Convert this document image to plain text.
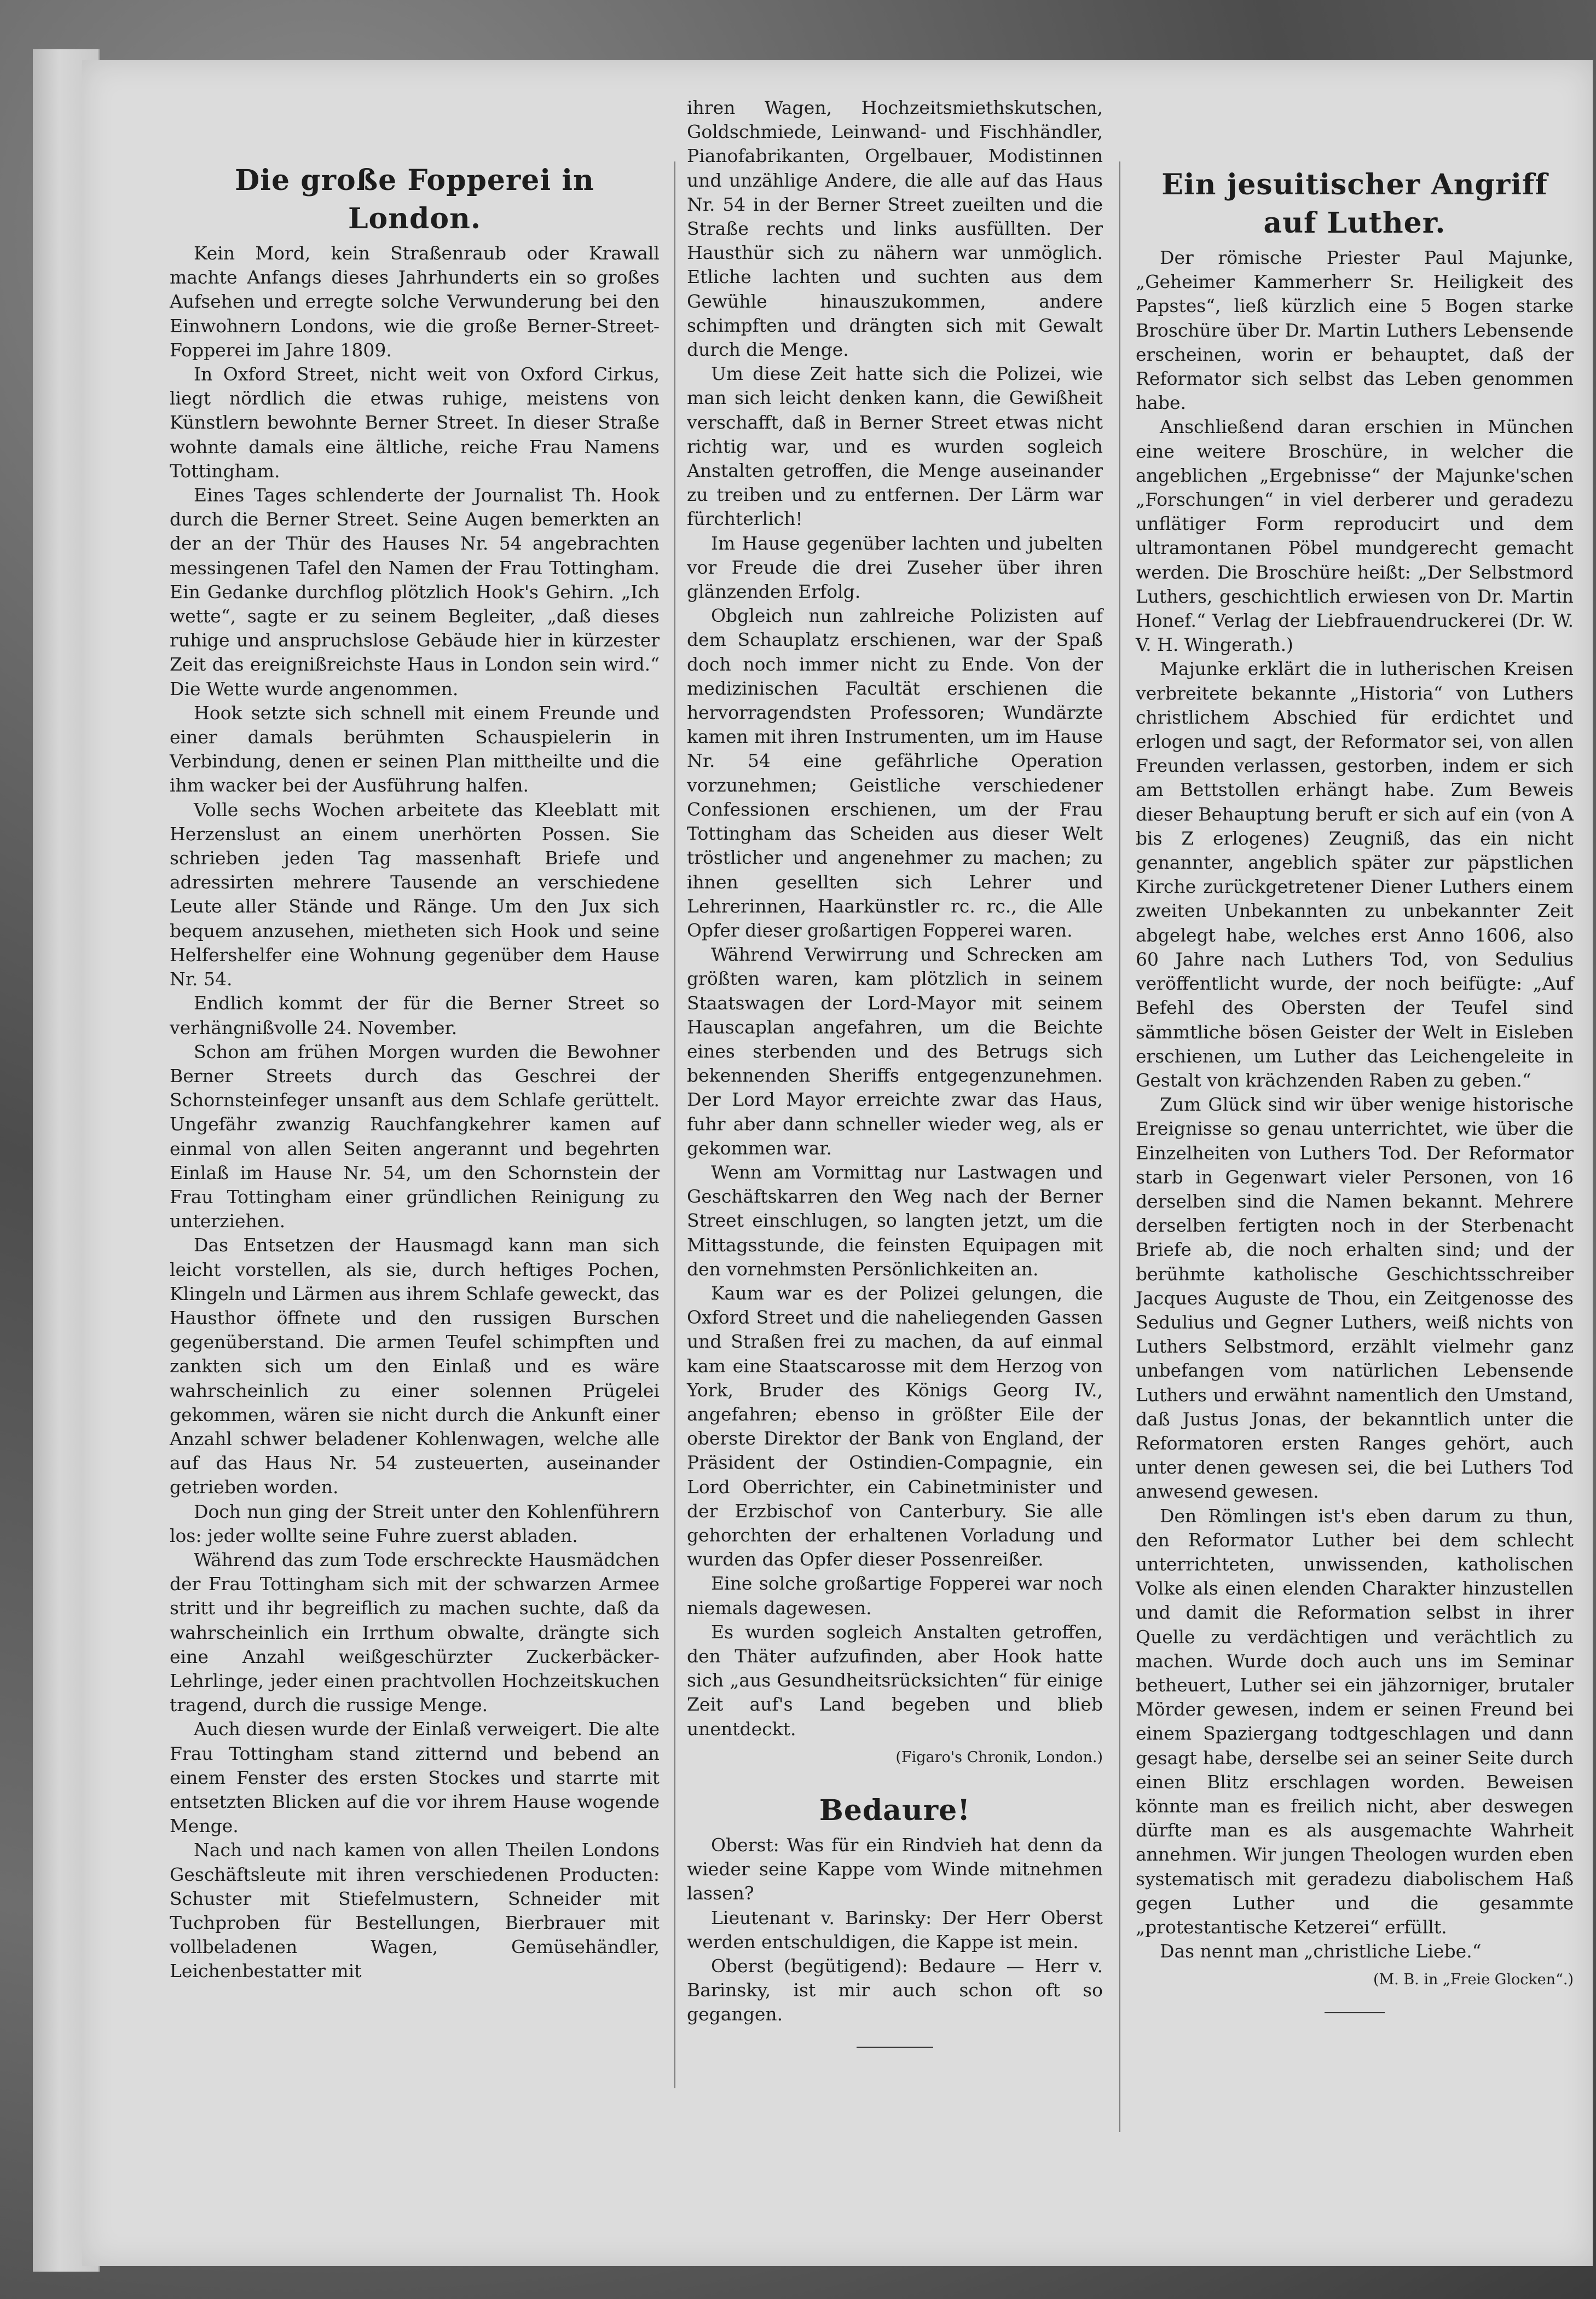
Die große Fopperei in London.

Kein Mord, kein Straßenraub oder Krawall machte Anfangs dieses Jahrhunderts ein so großes Aufsehen und erregte solche Verwunderung bei den Einwohnern Londons, wie die große Berner-Street-Fopperei im Jahre 1809.

In Oxford Street, nicht weit von Oxford Cirkus, liegt nördlich die etwas ruhige, meistens von Künstlern bewohnte Berner Street. In dieser Straße wohnte damals eine ältliche, reiche Frau Namens Tottingham.

Eines Tages schlenderte der Journalist Th. Hook durch die Berner Street. Seine Augen bemerkten an der an der Thür des Hauses Nr. 54 angebrachten messingenen Tafel den Namen der Frau Tottingham. Ein Gedanke durchflog plötzlich Hook's Gehirn. „Ich wette“, sagte er zu seinem Begleiter, „daß dieses ruhige und anspruchslose Gebäude hier in kürzester Zeit das ereignißreichste Haus in London sein wird.“ Die Wette wurde angenommen.

Hook setzte sich schnell mit einem Freunde und einer damals berühmten Schauspielerin in Verbindung, denen er seinen Plan mittheilte und die ihm wacker bei der Ausführung halfen.

Volle sechs Wochen arbeitete das Kleeblatt mit Herzenslust an einem unerhörten Possen. Sie schrieben jeden Tag massenhaft Briefe und adressirten mehrere Tausende an verschiedene Leute aller Stände und Ränge. Um den Jux sich bequem anzusehen, mietheten sich Hook und seine Helfershelfer eine Wohnung gegenüber dem Hause Nr. 54.

Endlich kommt der für die Berner Street so verhängnißvolle 24. November.

Schon am frühen Morgen wurden die Bewohner Berner Streets durch das Geschrei der Schornsteinfeger unsanft aus dem Schlafe gerüttelt. Ungefähr zwanzig Rauchfangkehrer kamen auf einmal von allen Seiten angerannt und begehrten Einlaß im Hause Nr. 54, um den Schornstein der Frau Tottingham einer gründlichen Reinigung zu unterziehen.

Das Entsetzen der Hausmagd kann man sich leicht vorstellen, als sie, durch heftiges Pochen, Klingeln und Lärmen aus ihrem Schlafe geweckt, das Hausthor öffnete und den russigen Burschen gegenüberstand. Die armen Teufel schimpften und zankten sich um den Einlaß und es wäre wahrscheinlich zu einer solennen Prügelei gekommen, wären sie nicht durch die Ankunft einer Anzahl schwer beladener Kohlenwagen, welche alle auf das Haus Nr. 54 zusteuerten, auseinander getrieben worden.

Doch nun ging der Streit unter den Kohlenführern los: jeder wollte seine Fuhre zuerst abladen.

Während das zum Tode erschreckte Hausmädchen der Frau Tottingham sich mit der schwarzen Armee stritt und ihr begreiflich zu machen suchte, daß da wahrscheinlich ein Irrthum obwalte, drängte sich eine Anzahl weißgeschürzter Zuckerbäcker-Lehrlinge, jeder einen prachtvollen Hochzeitskuchen tragend, durch die russige Menge.

Auch diesen wurde der Einlaß verweigert. Die alte Frau Tottingham stand zitternd und bebend an einem Fenster des ersten Stockes und starrte mit entsetzten Blicken auf die vor ihrem Hause wogende Menge.

Nach und nach kamen von allen Theilen Londons Geschäftsleute mit ihren verschiedenen Producten: Schuster mit Stiefelmustern, Schneider mit Tuchproben für Bestellungen, Bierbrauer mit vollbeladenen Wagen, Gemüsehändler, Leichenbestatter mit

ihren Wagen, Hochzeitsmiethskutschen, Goldschmiede, Leinwand- und Fischhändler, Pianofabrikanten, Orgelbauer, Modistinnen und unzählige Andere, die alle auf das Haus Nr. 54 in der Berner Street zueilten und die Straße rechts und links ausfüllten. Der Hausthür sich zu nähern war unmöglich. Etliche lachten und suchten aus dem Gewühle hinauszukommen, andere schimpften und drängten sich mit Gewalt durch die Menge.

Um diese Zeit hatte sich die Polizei, wie man sich leicht denken kann, die Gewißheit verschafft, daß in Berner Street etwas nicht richtig war, und es wurden sogleich Anstalten getroffen, die Menge auseinander zu treiben und zu entfernen. Der Lärm war fürchterlich!

Im Hause gegenüber lachten und jubelten vor Freude die drei Zuseher über ihren glänzenden Erfolg.

Obgleich nun zahlreiche Polizisten auf dem Schauplatz erschienen, war der Spaß doch noch immer nicht zu Ende. Von der medizinischen Facultät erschienen die hervorragendsten Professoren; Wundärzte kamen mit ihren Instrumenten, um im Hause Nr. 54 eine gefährliche Operation vorzunehmen; Geistliche verschiedener Confessionen erschienen, um der Frau Tottingham das Scheiden aus dieser Welt tröstlicher und angenehmer zu machen; zu ihnen gesellten sich Lehrer und Lehrerinnen, Haarkünstler rc. rc., die Alle Opfer dieser großartigen Fopperei waren.

Während Verwirrung und Schrecken am größten waren, kam plötzlich in seinem Staatswagen der Lord-Mayor mit seinem Hauscaplan angefahren, um die Beichte eines sterbenden und des Betrugs sich bekennenden Sheriffs entgegenzunehmen. Der Lord Mayor erreichte zwar das Haus, fuhr aber dann schneller wieder weg, als er gekommen war.

Wenn am Vormittag nur Lastwagen und Geschäftskarren den Weg nach der Berner Street einschlugen, so langten jetzt, um die Mittagsstunde, die feinsten Equipagen mit den vornehmsten Persönlichkeiten an.

Kaum war es der Polizei gelungen, die Oxford Street und die naheliegenden Gassen und Straßen frei zu machen, da auf einmal kam eine Staatscarosse mit dem Herzog von York, Bruder des Königs Georg IV., angefahren; ebenso in größter Eile der oberste Direktor der Bank von England, der Präsident der Ostindien-Compagnie, ein Lord Oberrichter, ein Cabinetminister und der Erzbischof von Canterbury. Sie alle gehorchten der erhaltenen Vorladung und wurden das Opfer dieser Possenreißer.

Eine solche großartige Fopperei war noch niemals dagewesen.

Es wurden sogleich Anstalten getroffen, den Thäter aufzufinden, aber Hook hatte sich „aus Gesundheitsrücksichten“ für einige Zeit auf's Land begeben und blieb unentdeckt.

(Figaro's Chronik, London.)
Bedaure!

Oberst: Was für ein Rindvieh hat denn da wieder seine Kappe vom Winde mitnehmen lassen?

Lieutenant v. Barinsky: Der Herr Oberst werden entschuldigen, die Kappe ist mein.

Oberst (begütigend): Bedaure — Herr v. Barinsky, ist mir auch schon oft so gegangen.

Ein jesuitischer Angriff auf Luther.

Der römische Priester Paul Majunke, „Geheimer Kammerherr Sr. Heiligkeit des Papstes“, ließ kürzlich eine 5 Bogen starke Broschüre über Dr. Martin Luthers Lebensende erscheinen, worin er behauptet, daß der Reformator sich selbst das Leben genommen habe.

Anschließend daran erschien in München eine weitere Broschüre, in welcher die angeblichen „Ergebnisse“ der Majunke'schen „Forschungen“ in viel derberer und geradezu unflätiger Form reproducirt und dem ultramontanen Pöbel mundgerecht gemacht werden. Die Broschüre heißt: „Der Selbstmord Luthers, geschichtlich erwiesen von Dr. Martin Honef.“ Verlag der Liebfrauendruckerei (Dr. W. V. H. Wingerath.)

Majunke erklärt die in lutherischen Kreisen verbreitete bekannte „Historia“ von Luthers christlichem Abschied für erdichtet und erlogen und sagt, der Reformator sei, von allen Freunden verlassen, gestorben, indem er sich am Bettstollen erhängt habe. Zum Beweis dieser Behauptung beruft er sich auf ein (von A bis Z erlogenes) Zeugniß, das ein nicht genannter, angeblich später zur päpstlichen Kirche zurückgetretener Diener Luthers einem zweiten Unbekannten zu unbekannter Zeit abgelegt habe, welches erst Anno 1606, also 60 Jahre nach Luthers Tod, von Sedulius veröffentlicht wurde, der noch beifügte: „Auf Befehl des Obersten der Teufel sind sämmtliche bösen Geister der Welt in Eisleben erschienen, um Luther das Leichengeleite in Gestalt von krächzenden Raben zu geben.“

Zum Glück sind wir über wenige historische Ereignisse so genau unterrichtet, wie über die Einzelheiten von Luthers Tod. Der Reformator starb in Gegenwart vieler Personen, von 16 derselben sind die Namen bekannt. Mehrere derselben fertigten noch in der Sterbenacht Briefe ab, die noch erhalten sind; und der berühmte katholische Geschichtsschreiber Jacques Auguste de Thou, ein Zeitgenosse des Sedulius und Gegner Luthers, weiß nichts von Luthers Selbstmord, erzählt vielmehr ganz unbefangen vom natürlichen Lebensende Luthers und erwähnt namentlich den Umstand, daß Justus Jonas, der bekanntlich unter die Reformatoren ersten Ranges gehört, auch unter denen gewesen sei, die bei Luthers Tod anwesend gewesen.

Den Römlingen ist's eben darum zu thun, den Reformator Luther bei dem schlecht unterrichteten, unwissenden, katholischen Volke als einen elenden Charakter hinzustellen und damit die Reformation selbst in ihrer Quelle zu verdächtigen und verächtlich zu machen. Wurde doch auch uns im Seminar betheuert, Luther sei ein jähzorniger, brutaler Mörder gewesen, indem er seinen Freund bei einem Spaziergang todtgeschlagen und dann gesagt habe, derselbe sei an seiner Seite durch einen Blitz erschlagen worden. Beweisen könnte man es freilich nicht, aber deswegen dürfte man es als ausgemachte Wahrheit annehmen. Wir jungen Theologen wurden eben systematisch mit geradezu diabolischem Haß gegen Luther und die gesammte „protestantische Ketzerei“ erfüllt.

Das nennt man „christliche Liebe.“

(M. B. in „Freie Glocken“.)
